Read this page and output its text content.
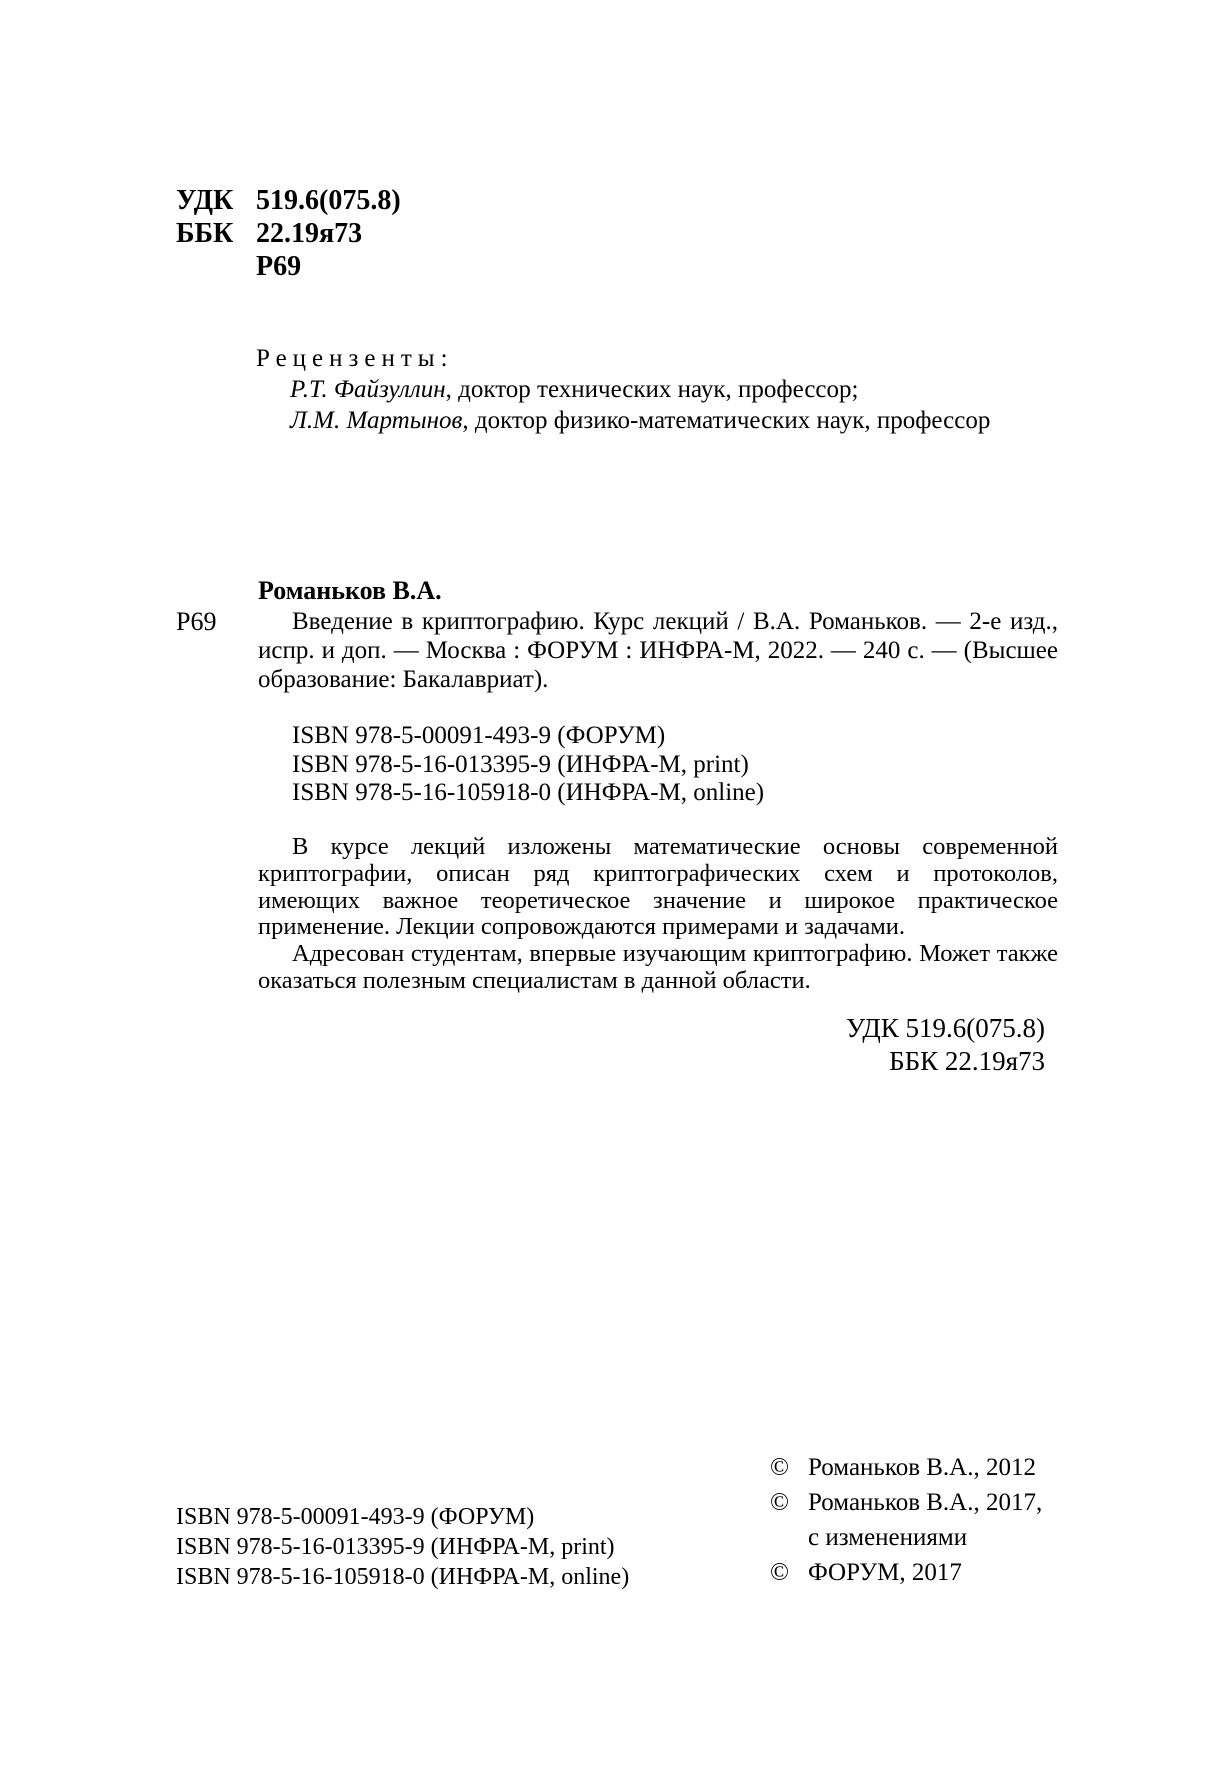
УДК 519.6(075.8)
ББК 22.19я73
Р69
Рецензенты:
Р.Т. Файзуллин, доктор технических наук, профессор;
Л.М. Мартынов, доктор физико-математических наук, профессор
Романьков В.А.
Р69	Введение в криптографию. Курс лекций / В.А. Романьков. — 2-е изд., испр. и доп. — Москва : ФОРУМ : ИНФРА-М, 2022. — 240 с. — (Высшее образование: Бакалавриат).
ISBN 978-5-00091-493-9 (ФОРУМ)
ISBN 978-5-16-013395-9 (ИНФРА-М, print)
ISBN 978-5-16-105918-0 (ИНФРА-М, online)

В курсе лекций изложены математические основы современной криптографии, описан ряд криптографических схем и протоколов, имеющих важное теоретическое значение и широкое практическое применение. Лекции сопровождаются примерами и задачами.

Адресован студентам, впервые изучающим криптографию. Может также оказаться полезным специалистам в данной области.

УДК 519.6(075.8)
ББК 22.19я73
ISBN 978-5-00091-493-9 (ФОРУМ)
ISBN 978-5-16-013395-9 (ИНФРА-М, print)
ISBN 978-5-16-105918-0 (ИНФРА-М, online)
© Романьков В.А., 2012
© Романьков В.А., 2017,
с изменениями
© ФОРУМ, 2017
